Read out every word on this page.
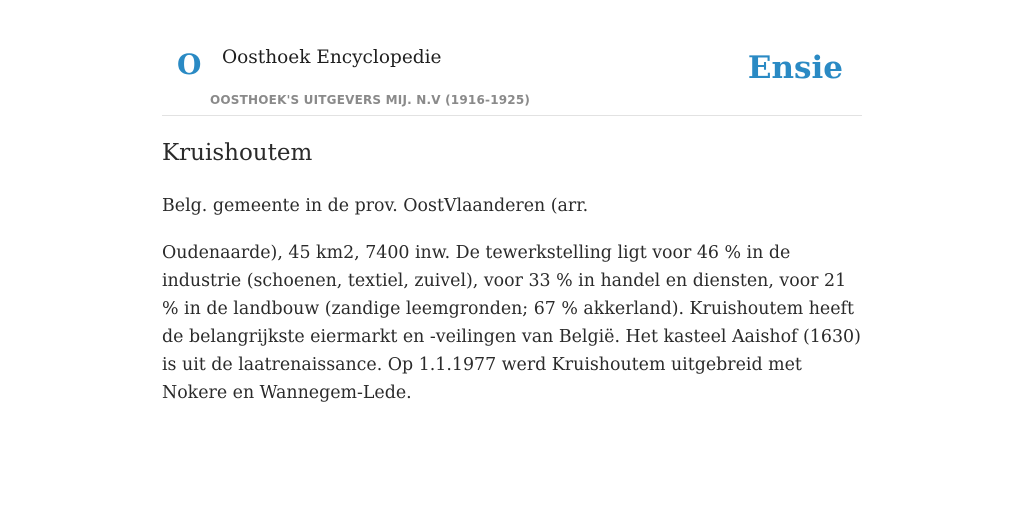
O Oosthoek Encyclopedie
OOSTHOEK'S UITGEVERS MIJ. N.V (1916-1925)
Ensie
Kruishoutem

Belg. gemeente in de prov. OostVlaanderen (arr.

Oudenaarde), 45 km2, 7400 inw. De tewerkstelling ligt voor 46 % in de industrie (schoenen, textiel, zuivel), voor 33 % in handel en diensten, voor 21 % in de landbouw (zandige leemgronden; 67 % akkerland). Kruishoutem heeft de belangrijkste eiermarkt en -veilingen van België. Het kasteel Aaishof (1630) is uit de laatrenaissance. Op 1.1.1977 werd Kruishoutem uitgebreid met Nokere en Wannegem-Lede.
